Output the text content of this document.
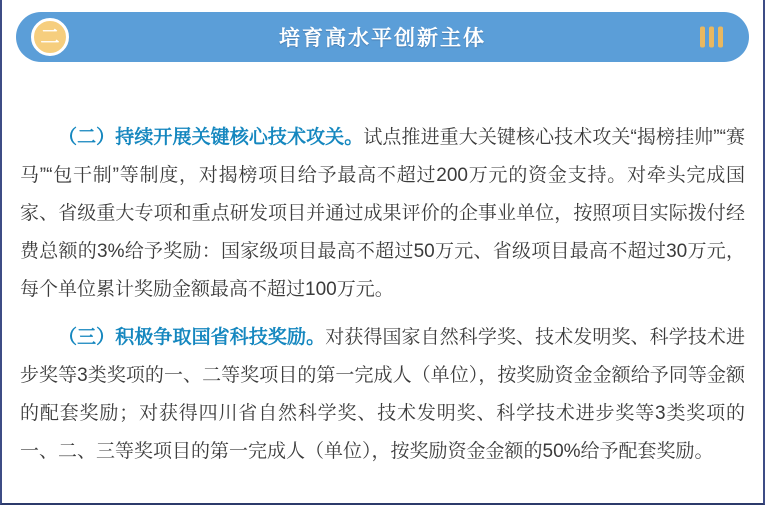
二	培育高水平创新主体

（二）持续开展关键核心技术攻关。试点推进重大关键核心技术攻关“揭榜挂帅”“赛马”“包干制”等制度，对揭榜项目给予最高不超过200万元的资金支持。对牵头完成国家、省级重大专项和重点研发项目并通过成果评价的企事业单位，按照项目实际拨付经费总额的3%给予奖励：国家级项目最高不超过50万元、省级项目最高不超过30万元，每个单位累计奖励金额最高不超过100万元。

（三）积极争取国省科技奖励。对获得国家自然科学奖、技术发明奖、科学技术进步奖等3类奖项的一、二等奖项目的第一完成人（单位），按奖励资金金额给予同等金额的配套奖励；对获得四川省自然科学奖、技术发明奖、科学技术进步奖等3类奖项的一、二、三等奖项目的第一完成人（单位），按奖励资金金额的50%给予配套奖励。
